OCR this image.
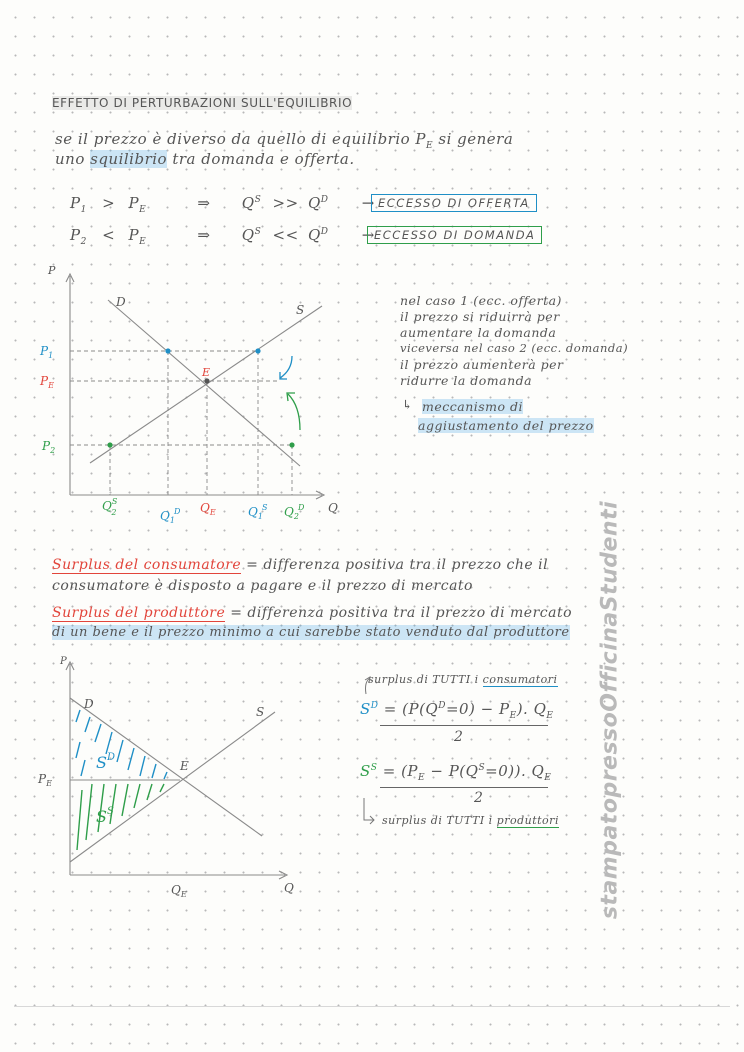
EFFETTO DI PERTURBAZIONI SULL'EQUILIBRIO
se il prezzo è diverso da quello di equilibrio $P_E$ si genera
uno squilibrio tra domanda e offerta.
$P_1 > P_E$	⇒ $Q^S >> Q^D$ → ECCESSO DI OFFERTA
$P_2 < P_E$	⇒ $Q^S << Q^D$ → ECCESSO DI DOMANDA
P
Q
D
S
E
$P_1$
$P_E$
$P_2$
$Q^S$ 2	$Q_1D$ $Q_E$	$Q_1S$ $Q_2D$
nel caso 1 (ecc. offerta)
il prezzo si riduirrà per
aumentare la domanda
viceversa nel caso 2 (ecc. domanda)
il prezzo aumenterà per
ridurre la domanda
↳ meccanismo di
aggiustamento del prezzo
Surplus del consumatore = differenza positiva tra il prezzo che il
consumatore è disposto a pagare e il prezzo di mercato
Surplus del produttore = differenza positiva tra il prezzo di mercato
di un bene e il prezzo minimo a cui sarebbe stato venduto dal produttore
P
Q
D
S
E
$P_E$
$Q_E$
$S^D$
$S^S$
surplus di TUTTI i consumatori
$S^D = (P(Q^D=0) - P_E)$. $Q_E$
2
$S^S = (P_E - P(Q^S=0))$. $Q_E$
2
surplus di TUTTI i produttori stampatopressoOfficinaStudenti
